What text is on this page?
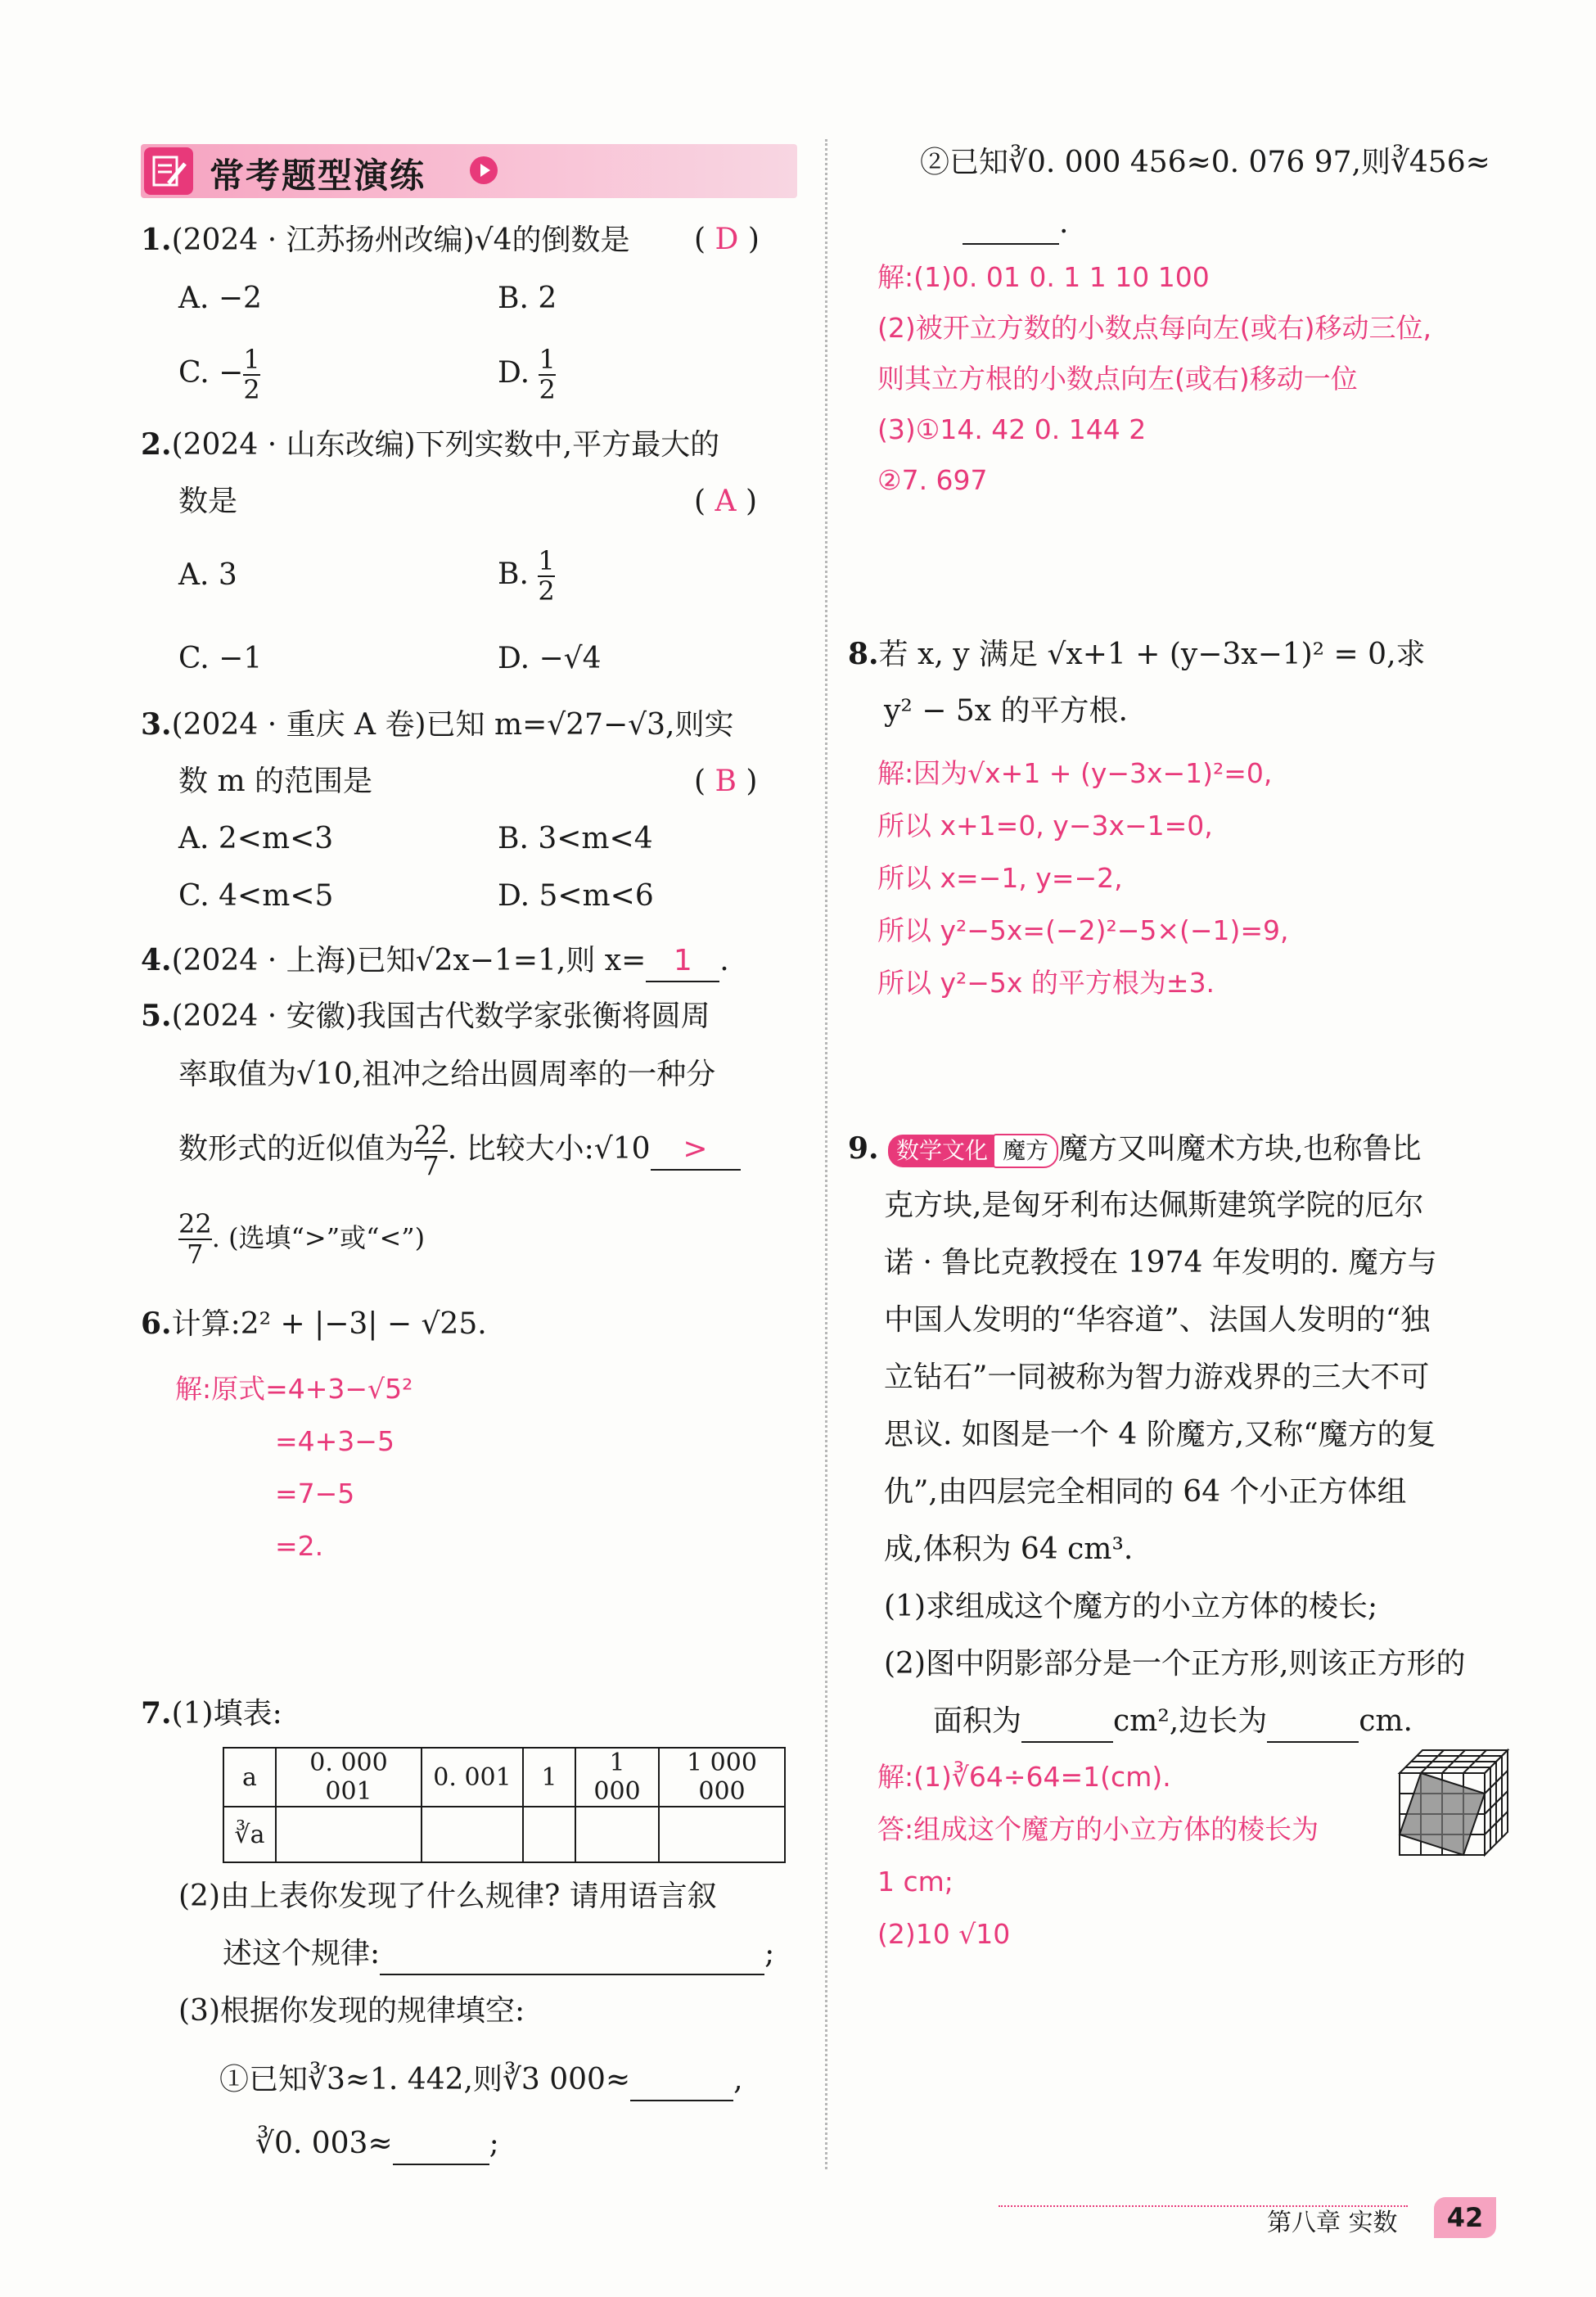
常考题型演练
1.(2024 · 江苏扬州改编)√4的倒数是 ( D )
A. −2	B. 2
C. − $\frac{1}{2}$	D. $\frac{1}{2}$
2.(2024 · 山东改编)下列实数中,平方最大的
数是	( A )
A. 3	B. $\frac{1}{2}$
C. −1	D. −√4
3.(2024 · 重庆 A 卷)已知 m=√27−√3,则实
数 m 的范围是	( B )
A. 2<m<3	B. 3<m<4
C. 4<m<5	D. 5<m<6
4.(2024 · 上海)已知√2x−1=1,则 x= 1 .
5.(2024 · 安徽)我国古代数学家张衡将圆周
率取值为√10,祖冲之给出圆周率的一种分
数形式的近似值为 $\frac{22}{7}$ . 比较大小:√10 >
$\frac{22}{7}$ . (选填“>”或“<”)
6.计算:2² + |−3| − √25.
解:原式=4+3−√5²
=4+3−5
=7−5
=2.
7.(1)填表:
a	0. 000 001	0. 001	1	1 000	1 000 000
∛a					
(2)由上表你发现了什么规律? 请用语言叙
述这个规律:	;
(3)根据你发现的规律填空:
①已知∛3≈1. 442,则∛3 000≈	,
∛0. 003≈	;
②已知∛0. 000 456≈0. 076 97,则∛456≈
.
解:(1)0. 01 0. 1 1 10 100
(2)被开立方数的小数点每向左(或右)移动三位,
则其立方根的小数点向左(或右)移动一位
(3)①14. 42 0. 144 2
②7. 697
8.若 x, y 满足 √x+1 + (y−3x−1)² = 0,求
y² − 5x 的平方根.
解:因为√x+1 + (y−3x−1)²=0,
所以 x+1=0, y−3x−1=0,
所以 x=−1, y=−2,
所以 y²−5x=(−2)²−5×(−1)=9,
所以 y²−5x 的平方根为±3.
9. 数学文化 魔方 魔方又叫魔术方块,也称鲁比
克方块,是匈牙利布达佩斯建筑学院的厄尔
诺 · 鲁比克教授在 1974 年发明的. 魔方与
中国人发明的“华容道”、法国人发明的“独
立钻石”一同被称为智力游戏界的三大不可
思议. 如图是一个 4 阶魔方,又称“魔方的复
仇”,由四层完全相同的 64 个小正方体组
成,体积为 64 cm³.
(1)求组成这个魔方的小立方体的棱长;
(2)图中阴影部分是一个正方形,则该正方形的
面积为	cm²,边长为	cm.
解:(1)∛64÷64=1(cm).
答:组成这个魔方的小立方体的棱长为
1 cm;
(2)10 √10
第八章 实数	42
